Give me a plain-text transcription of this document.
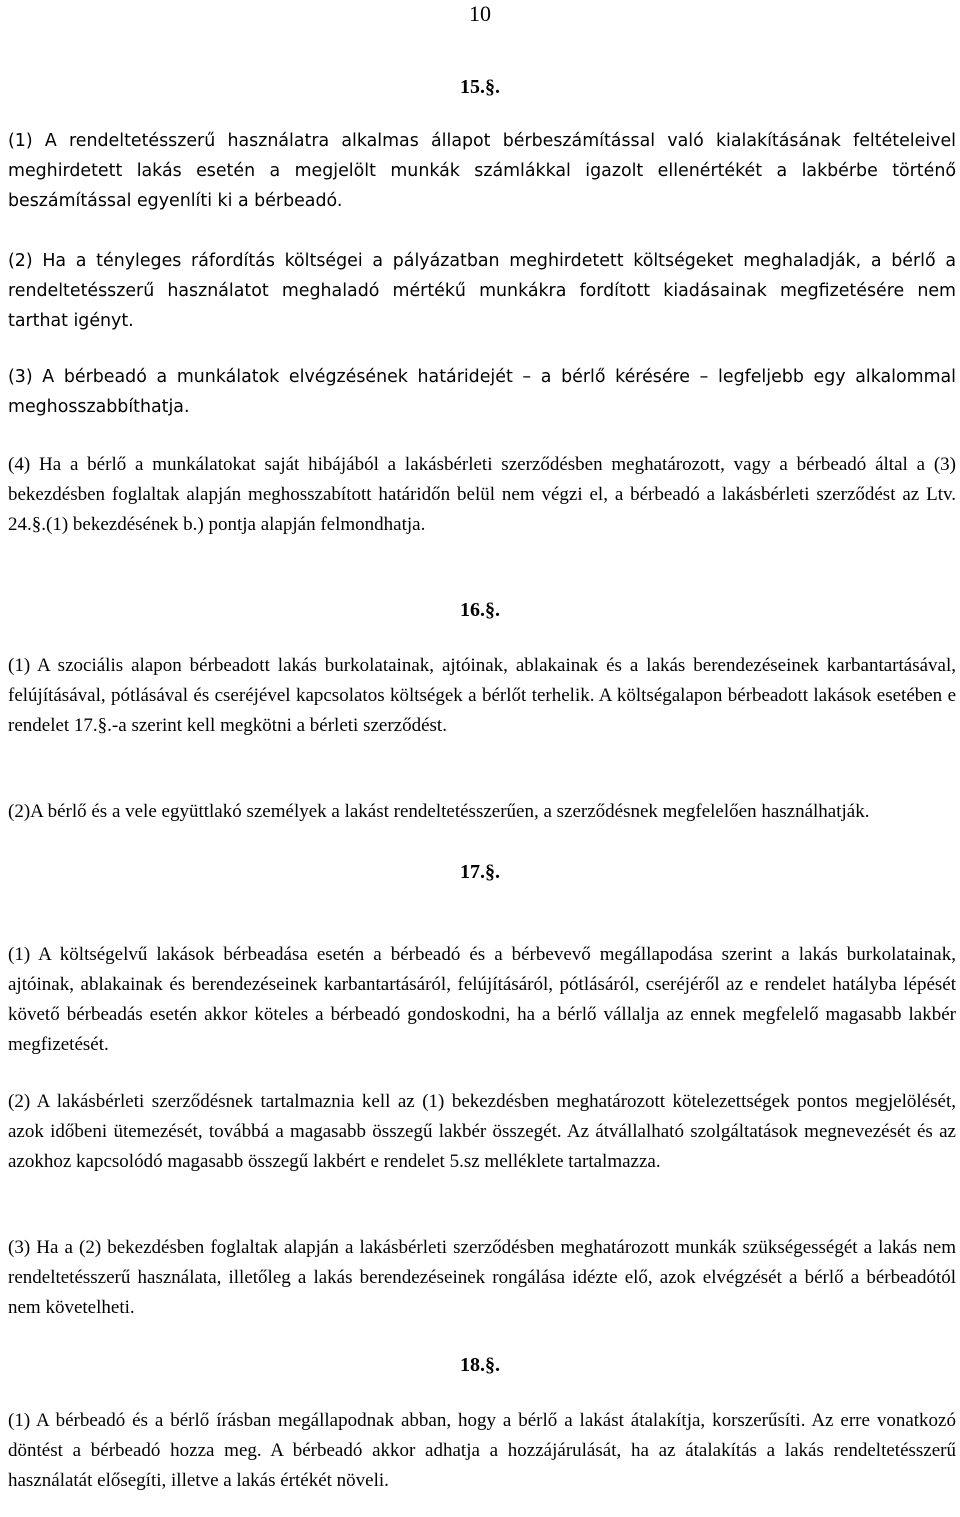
10
15.§.

(1) A rendeltetésszerű használatra alkalmas állapot bérbeszámítással való kialakításának feltételeivel meghirdetett lakás esetén a megjelölt munkák számlákkal igazolt ellenértékét a lakbérbe történő beszámítással egyenlíti ki a bérbeadó.

(2) Ha a tényleges ráfordítás költségei a pályázatban meghirdetett költségeket meghaladják, a bérlő a rendeltetésszerű használatot meghaladó mértékű munkákra fordított kiadásainak megfizetésére nem tarthat igényt.

(3) A bérbeadó a munkálatok elvégzésének határidejét – a bérlő kérésére – legfeljebb egy alkalommal meghosszabbíthatja.

(4) Ha a bérlő a munkálatokat saját hibájából a lakásbérleti szerződésben meghatározott, vagy a bérbeadó által a (3) bekezdésben foglaltak alapján meghosszabított határidőn belül nem végzi el, a bérbeadó a lakásbérleti szerződést az Ltv. 24.§.(1) bekezdésének b.) pontja alapján felmondhatja.

16.§.

(1) A szociális alapon bérbeadott lakás burkolatainak, ajtóinak, ablakainak és a lakás berendezéseinek karbantartásával, felújításával, pótlásával és cseréjével kapcsolatos költségek a bérlőt terhelik. A költségalapon bérbeadott lakások esetében e rendelet 17.§.-a szerint kell megkötni a bérleti szerződést.

(2)A bérlő és a vele együttlakó személyek a lakást rendeltetésszerűen, a szerződésnek megfelelően használhatják.

17.§.

(1) A költségelvű lakások bérbeadása esetén a bérbeadó és a bérbevevő megállapodása szerint a lakás burkolatainak, ajtóinak, ablakainak és berendezéseinek karbantartásáról, felújításáról, pótlásáról, cseréjéről az e rendelet hatályba lépését követő bérbeadás esetén akkor köteles a bérbeadó gondoskodni, ha a bérlő vállalja az ennek megfelelő magasabb lakbér megfizetését.

(2) A lakásbérleti szerződésnek tartalmaznia kell az (1) bekezdésben meghatározott kötelezettségek pontos megjelölését, azok időbeni ütemezését, továbbá a magasabb összegű lakbér összegét. Az átvállalható szolgáltatások megnevezését és az azokhoz kapcsolódó magasabb összegű lakbért e rendelet 5.sz melléklete tartalmazza.

(3) Ha a (2) bekezdésben foglaltak alapján a lakásbérleti szerződésben meghatározott munkák szükségességét a lakás nem rendeltetésszerű használata, illetőleg a lakás berendezéseinek rongálása idézte elő, azok elvégzését a bérlő a bérbeadótól nem követelheti.

18.§.

(1) A bérbeadó és a bérlő írásban megállapodnak abban, hogy a bérlő a lakást átalakítja, korszerűsíti. Az erre vonatkozó döntést a bérbeadó hozza meg. A bérbeadó akkor adhatja a hozzájárulását, ha az átalakítás a lakás rendeltetésszerű használatát elősegíti, illetve a lakás értékét növeli.
